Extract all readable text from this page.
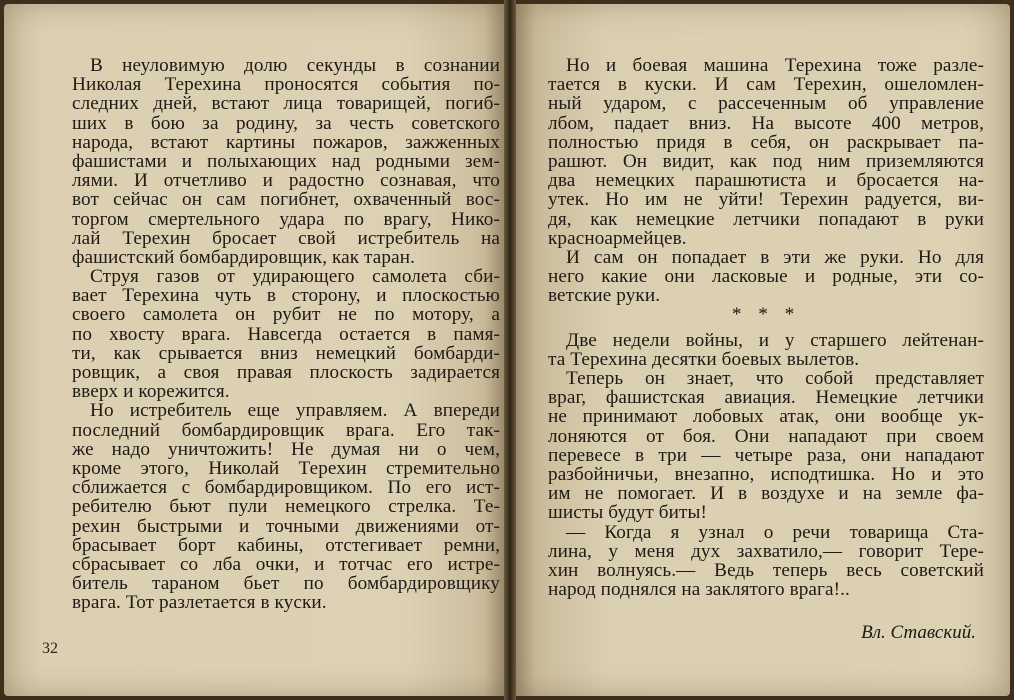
В неуловимую долю секунды в сознании
Николая Терехина проносятся события по-
следних дней, встают лица товарищей, погиб-
ших в бою за родину, за честь советского
народа, встают картины пожаров, зажженных
фашистами и полыхающих над родными зем-
лями. И отчетливо и радостно сознавая, что
вот сейчас он сам погибнет, охваченный вос-
торгом смертельного удара по врагу, Нико-
лай Терехин бросает свой истребитель на
фашистский бомбардировщик, как таран.
Струя газов от удирающего самолета сби-
вает Терехина чуть в сторону, и плоскостью
своего самолета он рубит не по мотору, а
по хвосту врага. Навсегда остается в памя-
ти, как срывается вниз немецкий бомбарди-
ровщик, а своя правая плоскость задирается
вверх и корежится.
Но истребитель еще управляем. А впереди
последний бомбардировщик врага. Его так-
же надо уничтожить! Не думая ни о чем,
кроме этого, Николай Терехин стремительно
сближается с бомбардировщиком. По его ист-
ребителю бьют пули немецкого стрелка. Те-
рехин быстрыми и точными движениями от-
брасывает борт кабины, отстегивает ремни,
сбрасывает со лба очки, и тотчас его истре-
битель тараном бьет по бомбардировщику
врага. Тот разлетается в куски.
32
Но и боевая машина Терехина тоже разле-
тается в куски. И сам Терехин, ошеломлен-
ный ударом, с рассеченным об управление
лбом, падает вниз. На высоте 400 метров,
полностью придя в себя, он раскрывает па-
рашют. Он видит, как под ним приземляются
два немецких парашютиста и бросается на-
утек. Но им не уйти! Терехин радуется, ви-
дя, как немецкие летчики попадают в руки
красноармейцев.
И сам он попадает в эти же руки. Но для
него какие они ласковые и родные, эти со-
ветские руки.
* * *
Две недели войны, и у старшего лейтенан-
та Терехина десятки боевых вылетов.
Теперь он знает, что собой представляет
враг, фашистская авиация. Немецкие летчики
не принимают лобовых атак, они вообще ук-
лоняются от боя. Они нападают при своем
перевесе в три — четыре раза, они нападают
разбойничьи, внезапно, исподтишка. Но и это
им не помогает. И в воздухе и на земле фа-
шисты будут биты!
— Когда я узнал о речи товарища Ста-
лина, у меня дух захватило,— говорит Тере-
хин волнуясь.— Ведь теперь весь советский
народ поднялся на заклятого врага!..
Вл. Ставский.
